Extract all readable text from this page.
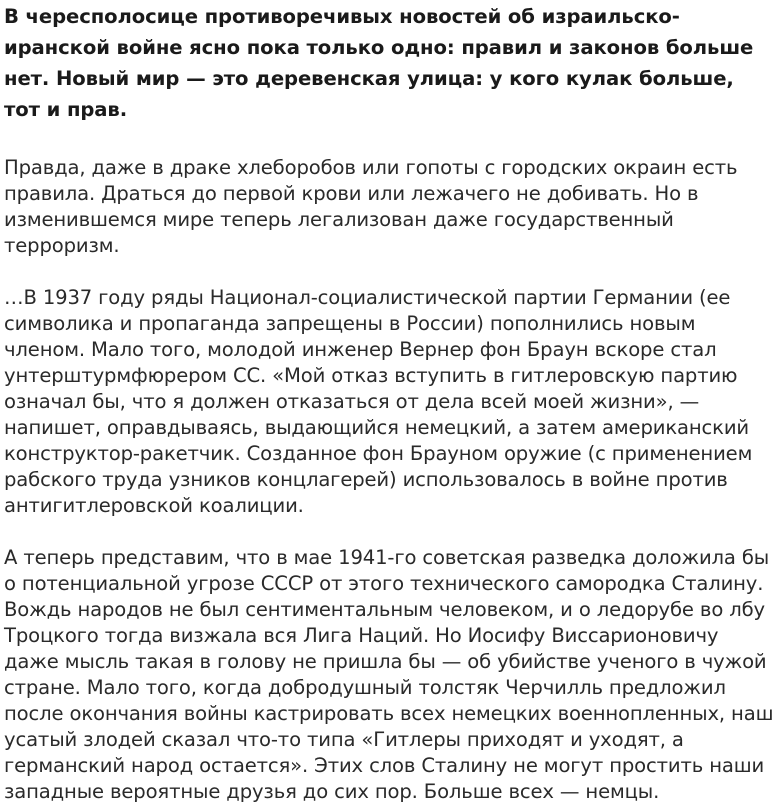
В чересполосице противоречивых новостей об израильско-иранской войне ясно пока только одно: правил и законов больше нет. Новый мир — это деревенская улица: у кого кулак больше, тот и прав.

Правда, даже в драке хлеборобов или гопоты с городских окраин есть правила. Драться до первой крови или лежачего не добивать. Но в изменившемся мире теперь легализован даже государственный терроризм.

…В 1937 году ряды Национал-социалистической партии Германии (ее символика и пропаганда запрещены в России) пополнились новым членом. Мало того, молодой инженер Вернер фон Браун вскоре стал унтерштурмфюрером СС. «Мой отказ вступить в гитлеровскую партию означал бы, что я должен отказаться от дела всей моей жизни», — напишет, оправдываясь, выдающийся немецкий, а затем американский конструктор-ракетчик. Созданное фон Брауном оружие (с применением рабского труда узников концлагерей) использовалось в войне против антигитлеровской коалиции.

А теперь представим, что в мае 1941-го советская разведка доложила бы о потенциальной угрозе СССР от этого технического самородка Сталину. Вождь народов не был сентиментальным человеком, и о ледорубе во лбу Троцкого тогда визжала вся Лига Наций. Но Иосифу Виссарионовичу даже мысль такая в голову не пришла бы — об убийстве ученого в чужой стране. Мало того, когда добродушный толстяк Черчилль предложил после окончания войны кастрировать всех немецких военнопленных, наш усатый злодей сказал что-то типа «Гитлеры приходят и уходят, а германский народ остается». Этих слов Сталину не могут простить наши западные вероятные друзья до сих пор. Больше всех — немцы.
